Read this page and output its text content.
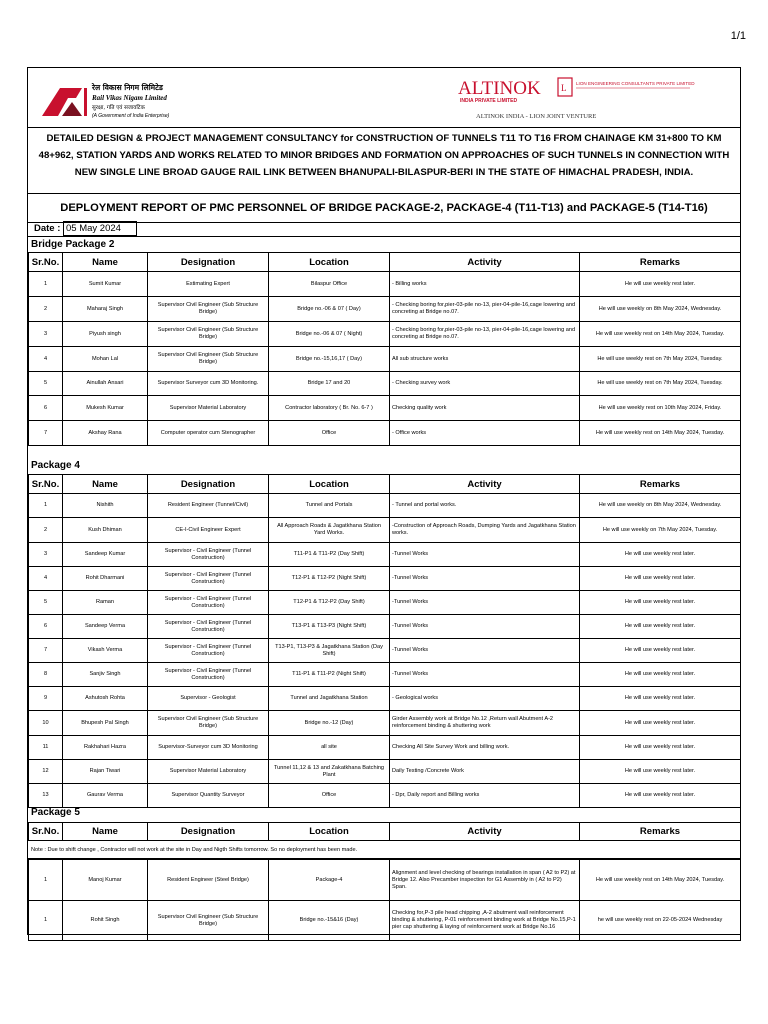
1/1
रेल विकास निगम लिमिटेड
Rail Vikas Nigam Limited
सुरक्षा, गति एवं सजावटिक
(A Government of India Enterprise)
ALTINOK
INDIA PRIVATE LIMITED
L LION ENGINEERING CONSULTANTS PRIVATE LIMITED
ALTINOK INDIA - LION JOINT VENTURE
DETAILED DESIGN & PROJECT MANAGEMENT CONSULTANCY for CONSTRUCTION OF TUNNELS T11 TO T16 FROM CHAINAGE KM 31+800 TO KM 48+962, STATION YARDS AND WORKS RELATED TO MINOR BRIDGES AND FORMATION ON APPROACHES OF SUCH TUNNELS IN CONNECTION WITH NEW SINGLE LINE BROAD GAUGE RAIL LINK BETWEEN BHANUPALI-BILASPUR-BERI IN THE STATE OF HIMACHAL PRADESH, INDIA.
DEPLOYMENT REPORT OF PMC PERSONNEL OF BRIDGE PACKAGE-2, PACKAGE-4 (T11-T13) and PACKAGE-5 (T14-T16)
Date : 05 May 2024
Bridge Package 2
Sr.No.	Name	Designation	Location	Activity	Remarks
1	Sumit Kumar	Estimating Expert	Bilaspur Office	- Billing works	He will use weekly rest later.
2	Maharaj Singh	Supervisor Civil Engineer (Sub Structure Bridge)	Bridge no.-06 & 07 ( Day)	- Checking boring for,pier-03-pile no-13, pier-04-pile-16,cage lowering and concreting at Bridge no.07.	He will use weekly on 8th May 2024, Wednesday.
3	Piyush singh	Supervisor Civil Engineer (Sub Structure Bridge)	Bridge no.-06 & 07 ( Night)	- Checking boring for,pier-03-pile no-13, pier-04-pile-16,cage lowering and concreting at Bridge no.07.	He will use weekly rest on 14th May 2024, Tuesday.
4	Mohan Lal	Supervisor Civil Engineer (Sub Structure Bridge)	Bridge no.-15,16,17 ( Day)	All sub structure works	He will use weekly rest on 7th May 2024, Tuesday.
5	Ainullah Ansari	Supervisor Surveyor cum 3D Monitoring.	Bridge 17 and 20	- Checking survey work	He will use weekly rest on 7th May 2024, Tuesday.
6	Mukesh Kumar	Supervisor Material Laboratory	Contractor laboratory ( Br. No. 6-7 )	Checking quality work	He will use weekly rest on 10th May 2024, Friday.
7	Akshay Rana	Computer operator cum Stenographer	Office	- Office works	He will use weekly rest on 14th May 2024, Tuesday.
Package 4
Sr.No.	Name	Designation	Location	Activity	Remarks
1	Nishith	Resident Engineer (Tunnel/Civil)	Tunnel and Portals	- Tunnel and portal works.	He will use weekly on 8th May 2024, Wednesday.
2	Kush Dhiman	CE-I-Civil Engineer Expert	All Approach Roads & Jagatkhana Station Yard Works.	-Construction of Approach Roads, Dumping Yards and Jagatkhana Station works.	He will use weekly on 7th May 2024, Tuesday.
3	Sandeep Kumar	Supervisor - Civil Engineer (Tunnel Construction)	T11-P1 & T11-P2 (Day Shift)	-Tunnel Works	He will use weekly rest later.
4	Rohit Dharmani	Supervisor - Civil Engineer (Tunnel Construction)	T12-P1 & T12-P2 (Night Shift)	-Tunnel Works	He will use weekly rest later.
5	Raman	Supervisor - Civil Engineer (Tunnel Construction)	T12-P1 & T12-P2 (Day Shift)	-Tunnel Works	He will use weekly rest later.
6	Sandeep Verma	Supervisor - Civil Engineer (Tunnel Construction)	T13-P1 & T13-P3 (Night Shift)	-Tunnel Works	He will use weekly rest later.
7	Vikash Verma	Supervisor - Civil Engineer (Tunnel Construction)	T13-P1, T13-P3 & Jagatkhana Station (Day Shift)	-Tunnel Works	He will use weekly rest later.
8	Sanjiv Singh	Supervisor - Civil Engineer (Tunnel Construction)	T11-P1 & T11-P2 (Night Shift)	-Tunnel Works	He will use weekly rest later.
9	Ashutosh Rohta	Supervisor - Geologist	Tunnel and Jagatkhana Station	- Geological works	He will use weekly rest later.
10	Bhupesh Pal Singh	Supervisor Civil Engineer (Sub Structure Bridge)	Bridge no.-12 (Day)	Girder Assembly work at Bridge No.12 ,Return wall Abutment A-2 reinforcement binding & shuttering work	He will use weekly rest later.
11	Rakhahari Hazra	Supervisor-Surveyor cum 3D Monitoring	all site	Checking All Site Survey Work and billing work.	He will use weekly rest later.
12	Rajan Tiwari	Supervisor Material Laboratory	Tunnel 11,12 & 13 and Zakatkhana Batching Plant	Daily Testing /Concrete Work	He will use weekly rest later.
13	Gaurav Verma	Supervisor Quantity Surveyor	Office	- Dpr, Daily report and Billing works	He will use weekly rest later.
Package 5
Sr.No.	Name	Designation	Location	Activity	Remarks
Note : Due to shift change , Contractor will not work at the site in Day and Nigth Shifts tomorrow. So no deployment has been made.
1	Manoj Kumar	Resident Engineer (Steel Bridge)	Package-4	Alignment and level checking of bearings installation in span ( A2 to P2) at Bridge 12. Also Precamber inspection for G1 Assembly in ( A2 to P2) Span.	He will use weekly rest on 14th May 2024, Tuesday.
1	Rohit Singh	Supervisor Civil Engineer (Sub Structure Bridge)	Bridge no.-15&16 (Day)	Checking for,P-3 pile head chipping ,A-2 abutment wall reinforcement binding & shuttering, P-01 reinforcement binding work at Bridge No.15,P-1 pier cap shuttering & laying of reinforcement work at Bridge No.16	he will use weekly rest on 22-05-2024 Wednesday
